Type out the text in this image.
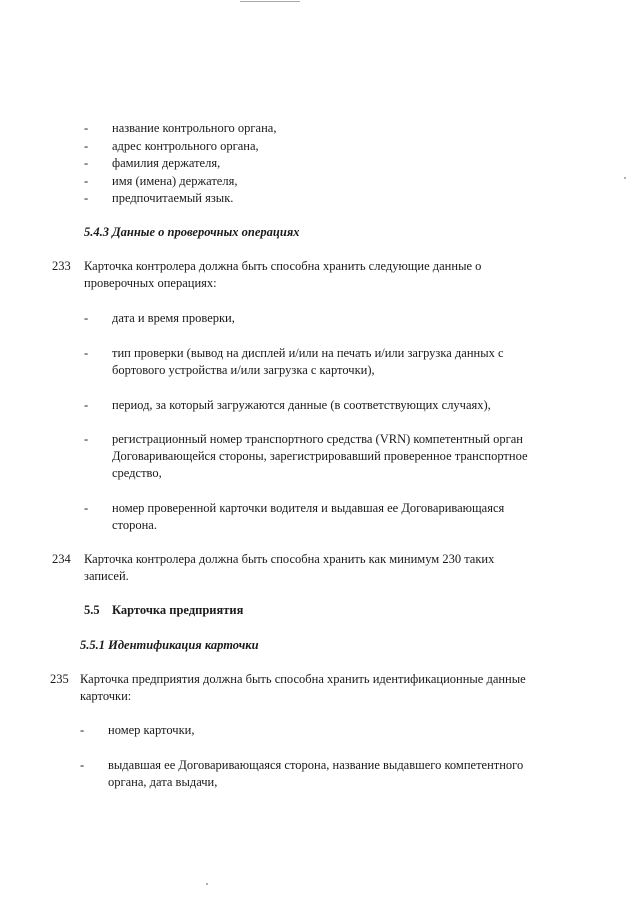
-	название контрольного органа,
-	адрес контрольного органа,
-	фамилия держателя,
-	имя (имена) держателя,
-	предпочитаемый язык.
5.4.3 Данные о проверочных операциях
233 Карточка контролера должна быть способна хранить следующие данные о
проверочных операциях:
-	дата и время проверки,
-	тип проверки (вывод на дисплей и/или на печать и/или загрузка данных с
бортового устройства и/или загрузка с карточки),
-	период, за который загружаются данные (в соответствующих случаях),
-	регистрационный номер транспортного средства (VRN) компетентный орган
Договаривающейся стороны, зарегистрировавший проверенное транспортное
средство,
-	номер проверенной карточки водителя и выдавшая ее Договаривающаяся
сторона.
234 Карточка контролера должна быть способна хранить как минимум 230 таких
записей.
5.5 Карточка предприятия
5.5.1 Идентификация карточки
235 Карточка предприятия должна быть способна хранить идентификационные данные
карточки:
-	номер карточки,
-	выдавшая ее Договаривающаяся сторона, название выдавшего компетентного
органа, дата выдачи,
